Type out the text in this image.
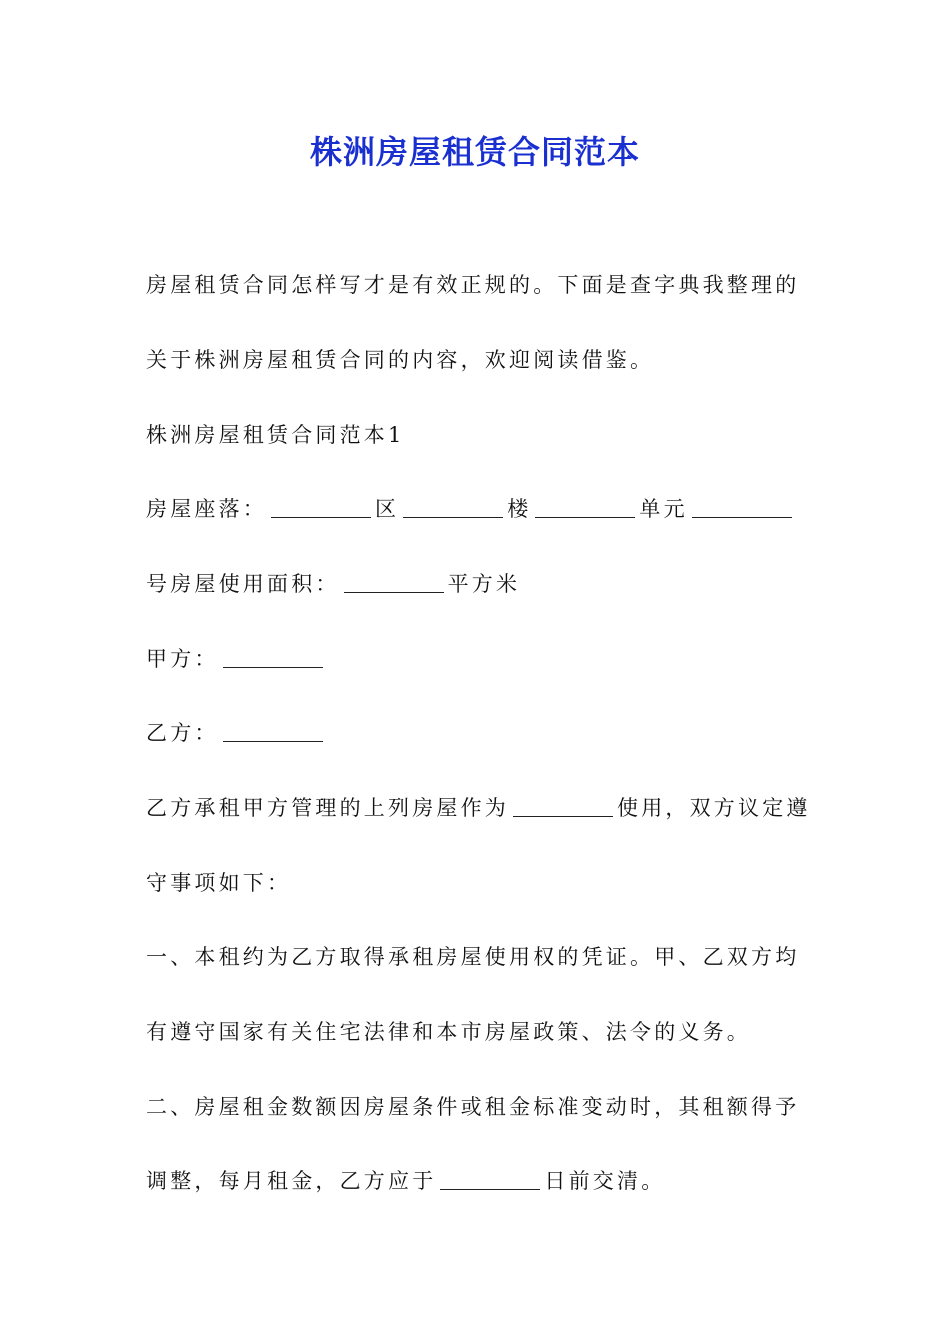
株洲房屋租赁合同范本
房屋租赁合同怎样写才是有效正规的。下面是查字典我整理的
关于株洲房屋租赁合同的内容，欢迎阅读借鉴。
株洲房屋租赁合同范本1
房屋座落：	区	楼	单元
号房屋使用面积：	平方米
甲方：
乙方：
乙方承租甲方管理的上列房屋作为	使用，双方议定遵
守事项如下：
一、本租约为乙方取得承租房屋使用权的凭证。甲、乙双方均
有遵守国家有关住宅法律和本市房屋政策、法令的义务。
二、房屋租金数额因房屋条件或租金标准变动时，其租额得予
调整，每月租金，乙方应于	日前交清。
